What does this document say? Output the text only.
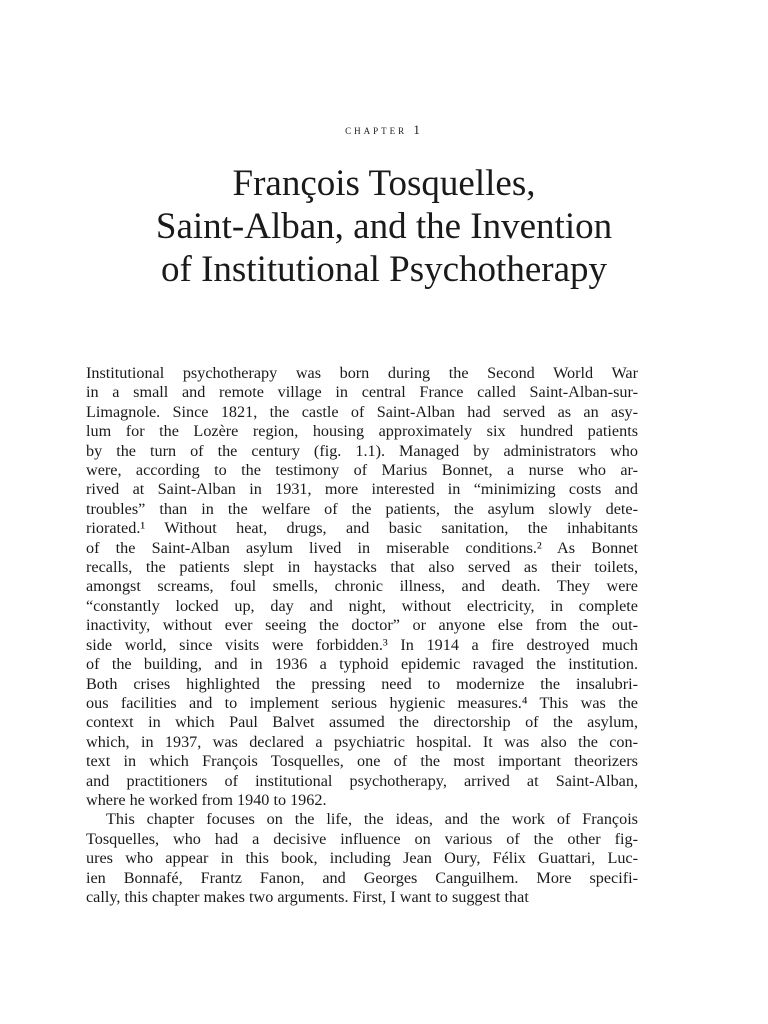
chapter 1
François Tosquelles,
Saint-Alban, and the Invention
of Institutional Psychotherapy

Institutional psychotherapy was born during the Second World War
in a small and remote village in central France called Saint-Alban-sur-
Limagnole. Since 1821, the castle of Saint-Alban had served as an asy-
lum for the Lozère region, housing approximately six hundred patients
by the turn of the century (fig. 1.1). Managed by administrators who
were, according to the testimony of Marius Bonnet, a nurse who ar-
rived at Saint-Alban in 1931, more interested in “minimizing costs and
troubles” than in the welfare of the patients, the asylum slowly dete-
riorated.¹ Without heat, drugs, and basic sanitation, the inhabitants
of the Saint-Alban asylum lived in miserable conditions.² As Bonnet
recalls, the patients slept in haystacks that also served as their toilets,
amongst screams, foul smells, chronic illness, and death. They were
“constantly locked up, day and night, without electricity, in complete
inactivity, without ever seeing the doctor” or anyone else from the out-
side world, since visits were forbidden.³ In 1914 a fire destroyed much
of the building, and in 1936 a typhoid epidemic ravaged the institution.
Both crises highlighted the pressing need to modernize the insalubri-
ous facilities and to implement serious hygienic measures.⁴ This was the
context in which Paul Balvet assumed the directorship of the asylum,
which, in 1937, was declared a psychiatric hospital. It was also the con-
text in which François Tosquelles, one of the most important theorizers
and practitioners of institutional psychotherapy, arrived at Saint-Alban,
where he worked from 1940 to 1962.

This chapter focuses on the life, the ideas, and the work of François
Tosquelles, who had a decisive influence on various of the other fig-
ures who appear in this book, including Jean Oury, Félix Guattari, Luc-
ien Bonnafé, Frantz Fanon, and Georges Canguilhem. More specifi-
cally, this chapter makes two arguments. First, I want to suggest that
